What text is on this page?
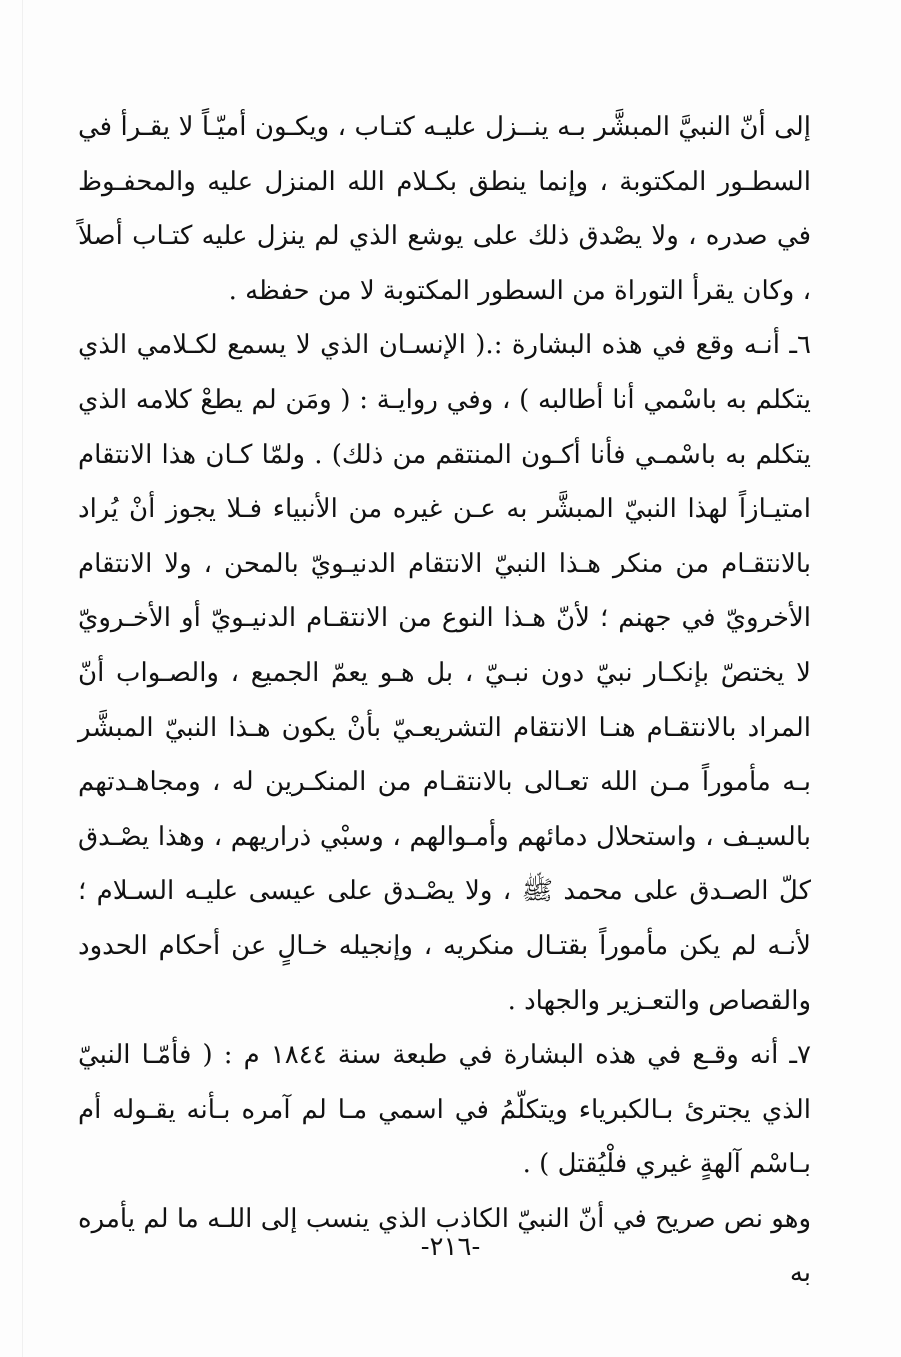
إلى أنّ النبيَّ المبشَّر بـه ينــزل عليـه كتـاب ، ويكـون أميّـاً لا يقـرأ في السطـور المكتوبة ، وإنما ينطق بكـلام الله المنزل عليه والمحفـوظ في صدره ، ولا يصْدق ذلك على يوشع الذي لم ينزل عليه كتـاب أصلاً ، وكان يقرأ التوراة من السطور المكتوبة لا من حفظه .

٦ـ أنـه وقع في هذه البشارة :.( الإنسـان الذي لا يسمع لكـلامي الذي يتكلم به باسْمي أنا أطالبه ) ، وفي روايـة : ( ومَن لم يطعْ كلامه الذي يتكلم به باسْمـي فأنا أكـون المنتقم من ذلك) . ولمّا كـان هذا الانتقام امتيـازاً لهذا النبيّ المبشَّر به عـن غيره من الأنبياء فـلا يجوز أنْ يُراد بالانتقـام من منكر هـذا النبيّ الانتقام الدنيـويّ بالمحن ، ولا الانتقام الأخرويّ في جهنم ؛ لأنّ هـذا النوع من الانتقـام الدنيـويّ أو الأخـرويّ لا يختصّ بإنكـار نبيّ دون نبـيّ ، بل هـو يعمّ الجميع ، والصـواب أنّ المراد بالانتقـام هنـا الانتقام التشريعـيّ بأنْ يكون هـذا النبيّ المبشَّر بـه مأموراً مـن الله تعـالى بالانتقـام من المنكـرين له ، ومجاهـدتهم بالسيـف ، واستحلال دمائهم وأمـوالهم ، وسبْي ذراريهم ، وهذا يصْـدق كلّ الصـدق على محمد ﷺ ، ولا يصْـدق على عيسى عليـه السـلام ؛ لأنـه لم يكن مأموراً بقتـال منكريه ، وإنجيله خـالٍ عن أحكام الحدود والقصاص والتعـزير والجهاد .

٧ـ أنه وقـع في هذه البشارة في طبعة سنة ١٨٤٤ م : ( فأمّـا النبيّ الذي يجترئ بـالكبرياء ويتكلّمُ في اسمي مـا لم آمره بـأنه يقـوله أم بـاسْم آلهةٍ غيري فلْيُقتل ) .

وهو نص صريح في أنّ النبيّ الكاذب الذي ينسب إلى اللـه ما لم يأمره به

-٢١٦-
